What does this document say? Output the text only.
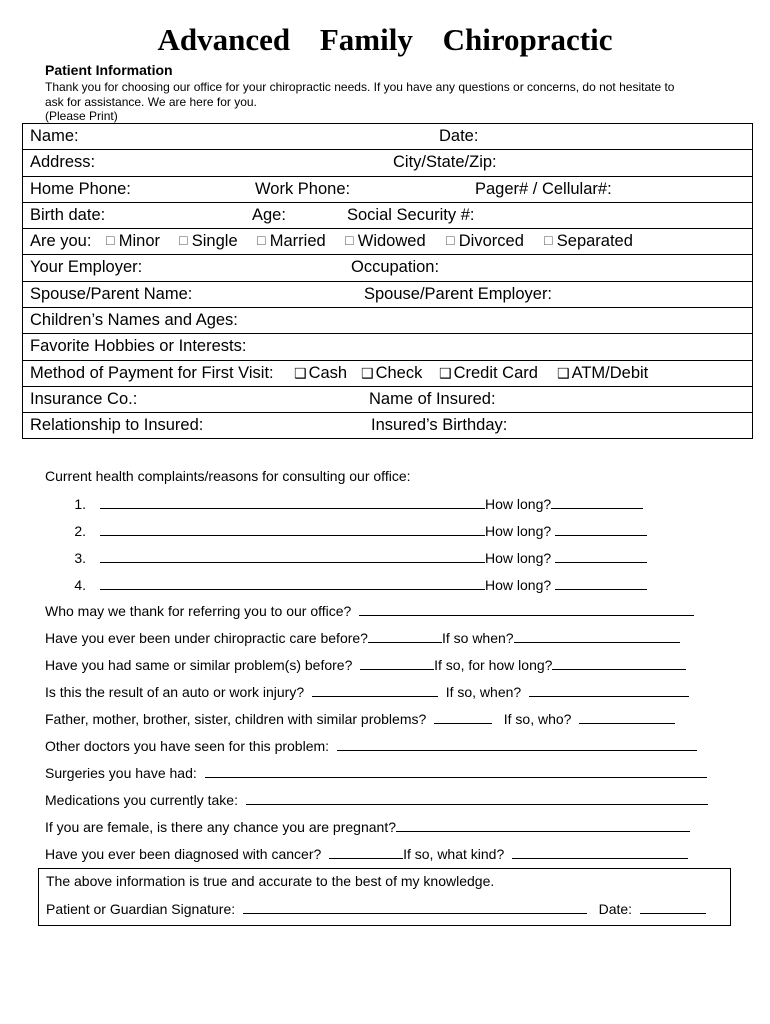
Advanced Family Chiropractic
Patient Information
Thank you for choosing our office for your chiropractic needs. If you have any questions or concerns, do not hesitate to
ask for assistance. We are here for you.
(Please Print)
Name:	Date:
Address:	City/State/Zip:
Home Phone:	Work Phone:	Pager# / Cellular#:
Birth date:	Age:	Social Security #:
Are you: ☐ Minor ☐ Single ☐ Married ☐ Widowed ☐ Divorced ☐ Separated
Your Employer:	Occupation:
Spouse/Parent Name:	Spouse/Parent Employer:
Children’s Names and Ages:
Favorite Hobbies or Interests:
Method of Payment for First Visit: ❑ Cash ❑ Check ❑ Credit Card ❑ ATM/Debit
Insurance Co.:	Name of Insured:
Relationship to Insured:	Insured’s Birthday:
Current health complaints/reasons for consulting our office:
1.	How long?
2.	How long?
3.	How long?
4.	How long?
Who may we thank for referring you to our office?
Have you ever been under chiropractic care before?	If so when?
Have you had same or similar problem(s) before?	If so, for how long?
Is this the result of an auto or work injury?	If so, when?
Father, mother, brother, sister, children with similar problems?	If so, who?
Other doctors you have seen for this problem:
Surgeries you have had:
Medications you currently take:
If you are female, is there any chance you are pregnant?
Have you ever been diagnosed with cancer?	If so, what kind?
The above information is true and accurate to the best of my knowledge.
Patient or Guardian Signature:	Date:
